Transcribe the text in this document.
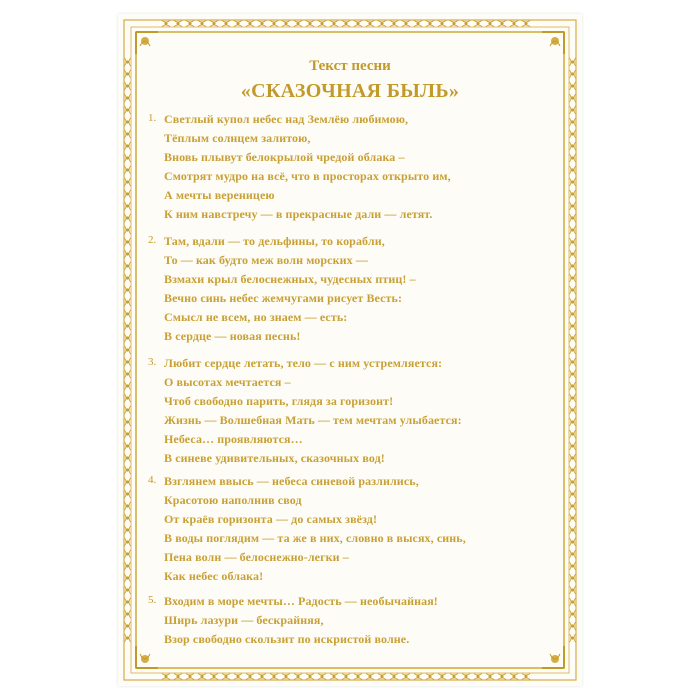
Текст песни
«СКАЗОЧНАЯ БЫЛЬ»
1. Светлый купол небес над Землёю любимою,
Тёплым солнцем залитою,
Вновь плывут белокрылой чредой облака –
Смотрят мудро на всё, что в просторах открыто им,
А мечты вереницею
К ним навстречу — в прекрасные дали — летят.
2. Там, вдали — то дельфины, то корабли,
То — как будто меж волн морских —
Взмахи крыл белоснежных, чудесных птиц! –
Вечно синь небес жемчугами рисует Весть:
Смысл не всем, но знаем — есть:
В сердце — новая песнь!
3. Любит сердце летать, тело — с ним устремляется:
О высотах мечтается –
Чтоб свободно парить, глядя за горизонт!
Жизнь — Волшебная Мать — тем мечтам улыбается:
Небеса… проявляются…
В синеве удивительных, сказочных вод!
4. Взглянем ввысь — небеса синевой разлились,
Красотою наполнив свод
От краёв горизонта — до самых звёзд!
В воды поглядим — та же в них, словно в высях, синь,
Пена волн — белоснежно-легки –
Как небес облака!
5. Входим в море мечты… Радость — необычайная!
Ширь лазури — бескрайняя,
Взор свободно скользит по искристой волне.
